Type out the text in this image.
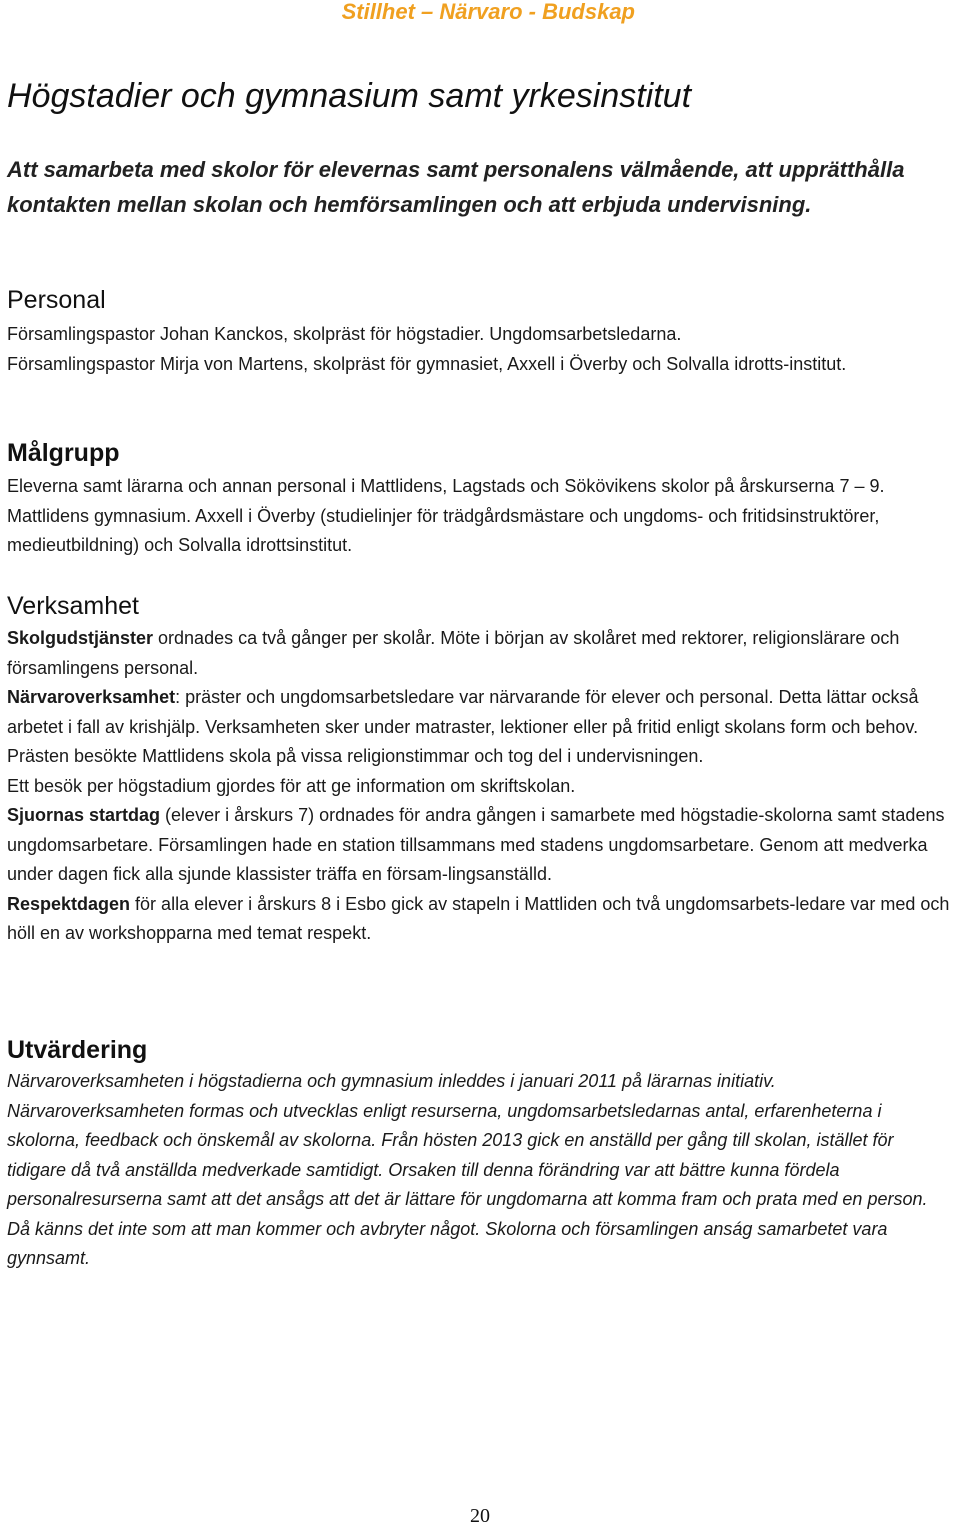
Stillhet – Närvaro - Budskap
Högstadier och gymnasium samt yrkesinstitut

Att samarbeta med skolor för elevernas samt personalens välmående, att upprätthålla kontakten mellan skolan och hemförsamlingen och att erbjuda undervisning.

Personal

Församlingspastor Johan Kanckos, skolpräst för högstadier. Ungdomsarbetsledarna.

Församlingspastor Mirja von Martens, skolpräst för gymnasiet, Axxell i Överby och Solvalla idrotts-institut.

Målgrupp

Eleverna samt lärarna och annan personal i Mattlidens, Lagstads och Sökövikens skolor på årskurserna 7 – 9. Mattlidens gymnasium. Axxell i Överby (studielinjer för trädgårdsmästare och ungdoms- och fritidsinstruktörer, medieutbildning) och Solvalla idrottsinstitut.

Verksamhet

Skolgudstjänster ordnades ca två gånger per skolår. Möte i början av skolåret med rektorer, religionslärare och församlingens personal.

Närvaroverksamhet: präster och ungdomsarbetsledare var närvarande för elever och personal. Detta lättar också arbetet i fall av krishjälp. Verksamheten sker under matraster, lektioner eller på fritid enligt skolans form och behov.

Prästen besökte Mattlidens skola på vissa religionstimmar och tog del i undervisningen.

Ett besök per högstadium gjordes för att ge information om skriftskolan.

Sjuornas startdag (elever i årskurs 7) ordnades för andra gången i samarbete med högstadie-skolorna samt stadens ungdomsarbetare. Församlingen hade en station tillsammans med stadens ungdomsarbetare. Genom att medverka under dagen fick alla sjunde klassister träffa en försam-lingsanställd.

Respektdagen för alla elever i årskurs 8 i Esbo gick av stapeln i Mattliden och två ungdomsarbets-ledare var med och höll en av workshopparna med temat respekt.

Utvärdering

Närvaroverksamheten i högstadierna och gymnasium inleddes i januari 2011 på lärarnas initiativ. Närvaroverksamheten formas och utvecklas enligt resurserna, ungdomsarbetsledarnas antal, erfarenheterna i skolorna, feedback och önskemål av skolorna. Från hösten 2013 gick en anställd per gång till skolan, istället för tidigare då två anställda medverkade samtidigt. Orsaken till denna förändring var att bättre kunna fördela personalresurserna samt att det ansågs att det är lättare för ungdomarna att komma fram och prata med en person. Då känns det inte som att man kommer och avbryter något. Skolorna och församlingen anság samarbetet vara gynnsamt.

20
